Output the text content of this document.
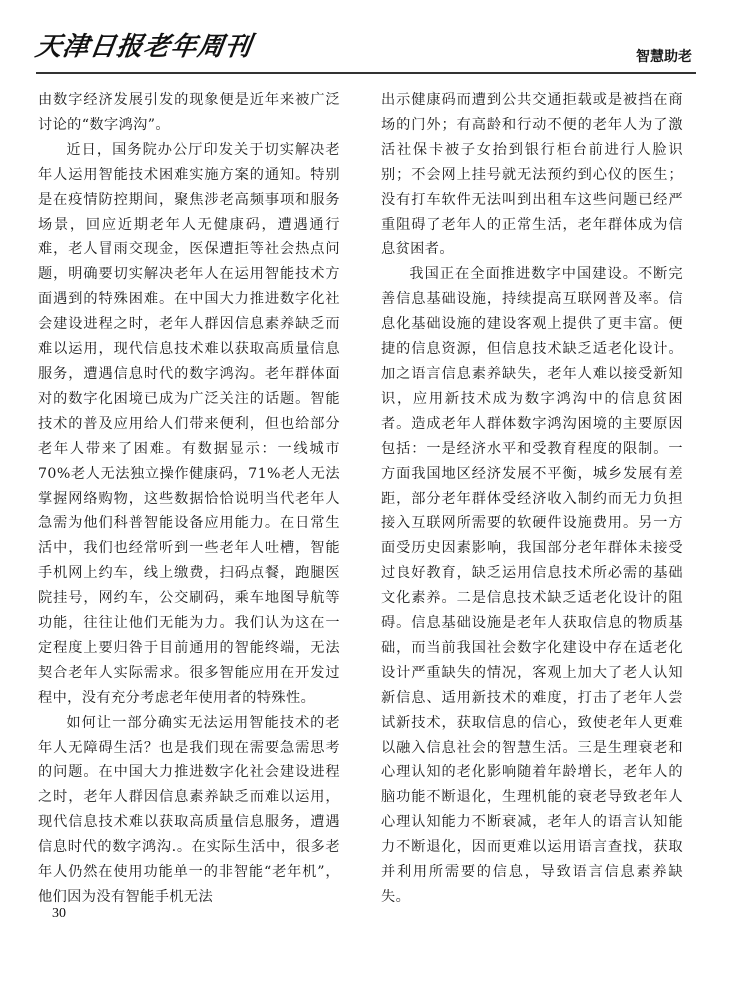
天津日报老年周刊	智慧助老

由数字经济发展引发的现象便是近年来被广泛讨论的“数字鸿沟”。

近日，国务院办公厅印发关于切实解决老年人运用智能技术困难实施方案的通知。特别是在疫情防控期间，聚焦涉老高频事项和服务场景，回应近期老年人无健康码，遭遇通行难，老人冒雨交现金，医保遭拒等社会热点问题，明确要切实解决老年人在运用智能技术方面遇到的特殊困难。在中国大力推进数字化社会建设进程之时，老年人群因信息素养缺乏而难以运用，现代信息技术难以获取高质量信息服务，遭遇信息时代的数字鸿沟。老年群体面对的数字化困境已成为广泛关注的话题。智能技术的普及应用给人们带来便利，但也给部分老年人带来了困难。有数据显示：一线城市 70%老人无法独立操作健康码，71%老人无法掌握网络购物，这些数据恰恰说明当代老年人急需为他们科普智能设备应用能力。在日常生活中，我们也经常听到一些老年人吐槽，智能手机网上约车，线上缴费，扫码点餐，跑腿医院挂号，网约车，公交刷码，乘车地图导航等功能，往往让他们无能为力。我们认为这在一定程度上要归咎于目前通用的智能终端，无法契合老年人实际需求。很多智能应用在开发过程中，没有充分考虑老年使用者的特殊性。

如何让一部分确实无法运用智能技术的老年人无障碍生活？也是我们现在需要急需思考的问题。在中国大力推进数字化社会建设进程之时，老年人群因信息素养缺乏而难以运用，现代信息技术难以获取高质量信息服务，遭遇信息时代的数字鸿沟.。在实际生活中，很多老年人仍然在使用功能单一的非智能“老年机”，他们因为没有智能手机无法

出示健康码而遭到公共交通拒载或是被挡在商场的门外；有高龄和行动不便的老年人为了激活社保卡被子女抬到银行柜台前进行人脸识别；不会网上挂号就无法预约到心仪的医生；没有打车软件无法叫到出租车这些问题已经严重阻碍了老年人的正常生活，老年群体成为信息贫困者。

我国正在全面推进数字中国建设。不断完善信息基础设施，持续提高互联网普及率。信息化基础设施的建设客观上提供了更丰富。便捷的信息资源，但信息技术缺乏适老化设计。加之语言信息素养缺失，老年人难以接受新知识，应用新技术成为数字鸿沟中的信息贫困者。造成老年人群体数字鸿沟困境的主要原因包括：一是经济水平和受教育程度的限制。一方面我国地区经济发展不平衡，城乡发展有差距，部分老年群体受经济收入制约而无力负担接入互联网所需要的软硬件设施费用。另一方面受历史因素影响，我国部分老年群体未接受过良好教育，缺乏运用信息技术所必需的基础文化素养。二是信息技术缺乏适老化设计的阻碍。信息基础设施是老年人获取信息的物质基础，而当前我国社会数字化建设中存在适老化设计严重缺失的情况，客观上加大了老人认知新信息、适用新技术的难度，打击了老年人尝试新技术，获取信息的信心，致使老年人更难以融入信息社会的智慧生活。三是生理衰老和心理认知的老化影响随着年龄增长，老年人的脑功能不断退化，生理机能的衰老导致老年人心理认知能力不断衰减，老年人的语言认知能力不断退化，因而更难以运用语言查找，获取并利用所需要的信息，导致语言信息素养缺失。

30
